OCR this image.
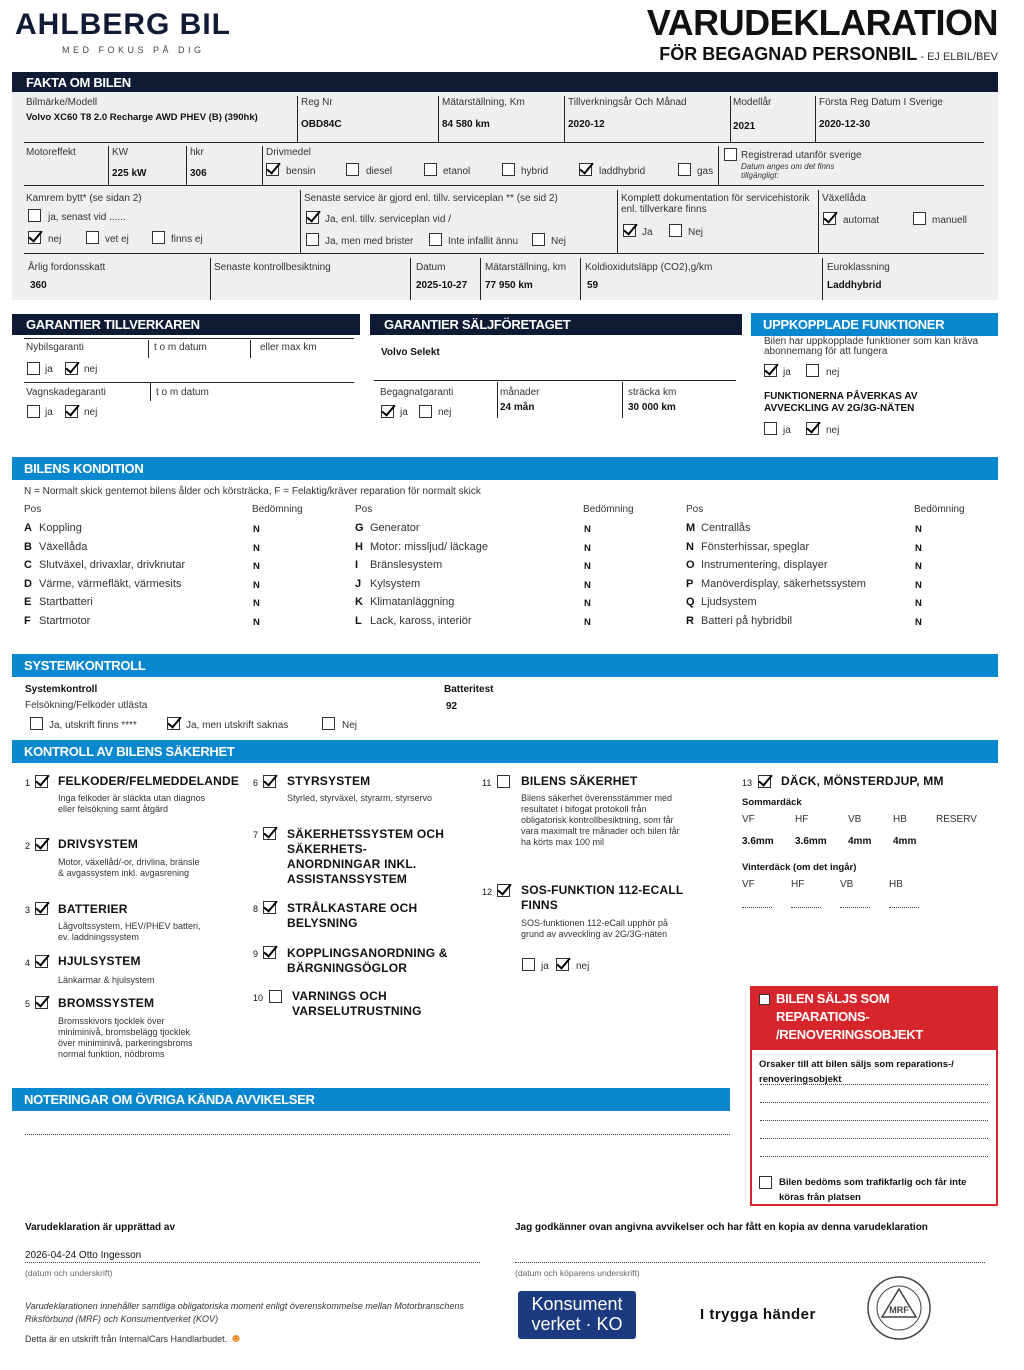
AHLBERG BIL
MED FOKUS PÅ DIG
VARUDEKLARATION
FÖR BEGAGNAD PERSONBIL - EJ ELBIL/BEV
FAKTA OM BILEN
Bilmärke/Modell
Volvo XC60 T8 2.0 Recharge AWD PHEV (B) (390hk)
Reg Nr
OBD84C
Mätarställning, Km
84 580 km
Tillverkningsår Och Månad
2020-12
Modellår
2021
Första Reg Datum I Sverige
2020-12-30
Motoreffekt	KW
225 kW
hkr
306
Drivmedel
bensin	diesel	etanol	hybrid	laddhybrid	gas
Registrerad utanför sverige
Datum anges om det finns tillgängligt:
Kamrem bytt* (se sidan 2)
ja, senast vid ......
nej	vet ej	finns ej
Senaste service är gjord enl. tillv. serviceplan ** (se sid 2)
Ja, enl. tillv. serviceplan vid /
Ja, men med brister	Inte infallit ännu	Nej
Komplett dokumentation för servicehistorik enl. tillverkare finns
Ja	Nej
Växellåda
automat	manuell
Årlig fordonsskatt
360
Senaste kontrollbesiktning	Datum
2025-10-27
Mätarställning, km
77 950 km
Koldioxidutsläpp (CO2),g/km
59
Euroklassning
Laddhybrid
GARANTIER TILLVERKAREN
Nybilsgaranti	t o m datum	eller max km
ja	nej
Vagnskadegaranti	t o m datum
ja	nej
GARANTIER SÄLJFÖRETAGET
Volvo Selekt
Begagnatgaranti
ja	nej
månader
24 mån
sträcka km
30 000 km
UPPKOPPLADE FUNKTIONER
Bilen har uppkopplade funktioner som kan kräva abonnemang för att fungera
ja	nej
FUNKTIONERNA PÅVERKAS AV AVVECKLING AV 2G/3G-NÄTEN
ja	nej
BILENS KONDITION
N = Normalt skick gentemot bilens ålder och körsträcka, F = Felaktig/kräver reparation för normalt skick
Pos	Bedömning	Pos	Bedömning	Pos	Bedömning
A Koppling	N
B Växellåda	N
C Slutväxel, drivaxlar, drivknutar	N
D Värme, värmefläkt, värmesits	N
E Startbatteri	N
F Startmotor	N
G Generator	N
H Motor: missljud/ läckage	N
I Bränslesystem	N
J Kylsystem	N
K Klimatanläggning	N
L Lack, kaross, interiör	N
M Centrallås	N
N Fönsterhissar, speglar	N
O Instrumentering, displayer	N
P Manöverdisplay, säkerhetssystem	N
Q Ljudsystem	N
R Batteri på hybridbil	N
SYSTEMKONTROLL
Systemkontroll
Felsökning/Felkoder utlästa
Ja, utskrift finns ****	Ja, men utskrift saknas	Nej
Batteritest
92
KONTROLL AV BILENS SÄKERHET
1 FELKODER/FELMEDDELANDE
Inga felkoder är släckta utan diagnos eller felsökning samt åtgärd
2 DRIVSYSTEM
Motor, växellåd/-or, drivlina, bränsle & avgassystem inkl. avgasrening
3 BATTERIER
Lågvoltssystem, HEV/PHEV batteri, ev. laddningssystem
4 HJULSYSTEM
Länkarmar & hjulsystem
5 BROMSSYSTEM
Bromsskivors tjocklek över miniminivå, bromsbelägg tjocklek över miniminivå, parkeringsbroms normal funktion, nödbroms
6 STYRSYSTEM
Styrled, styrväxel, styrarm, styrservo
7 SÄKERHETSSYSTEM OCH SÄKERHETS-ANORDNINGAR INKL. ASSISTANSSYSTEM
8 STRÅLKASTARE OCH BELYSNING
9 KOPPLINGSANORDNING & BÄRGNINGSÖGLOR
10 VARNINGS OCH VARSELUTRUSTNING
11 BILENS SÄKERHET
Bilens säkerhet överensstämmer med resultatet i bifogat protokoll från obligatorisk kontrollbesiktning, som får vara maximalt tre månader och bilen får ha körts max 100 mil
12 SOS-FUNKTION 112-ECALL FINNS
SOS-funktionen 112-eCall upphör på grund av avveckling av 2G/3G-näten
ja	nej
13 DÄCK, MÖNSTERDJUP, MM
Sommardäck
VF	HF	VB	HB	RESERV
3.6mm 3.6mm 4mm 4mm
Vinterdäck (om det ingår)
VF	HF	VB	HB
BILEN SÄLJS SOM REPARATIONS- /RENOVERINGSOBJEKT
Orsaker till att bilen säljs som reparations-/ renoveringsobjekt
Bilen bedöms som trafikfarlig och får inte köras från platsen
NOTERINGAR OM ÖVRIGA KÄNDA AVVIKELSER
Varudeklaration är upprättad av
2026-04-24 Otto Ingesson
(datum och underskrift)
Jag godkänner ovan angivna avvikelser och har fått en kopia av denna varudeklaration
(datum och köparens underskrift)
Varudeklarationen innehåller samtliga obligatoriska moment enligt överenskommelse mellan Motorbranschens Riksförbund (MRF) och Konsumentverket (KOV)
Detta är en utskrift från InternalCars Handlarbudet. ☻
Konsument
verket · KO	I trygga händer	MRF
